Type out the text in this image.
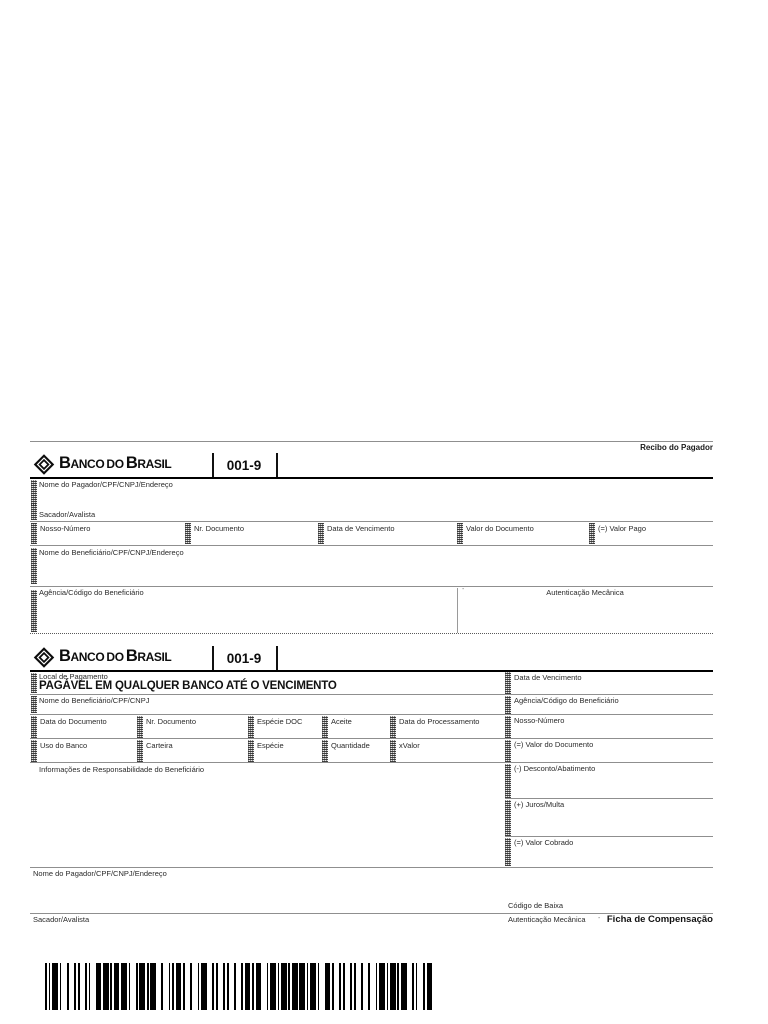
Recibo do Pagador
Banco do Brasil	001-9
Nome do Pagador/CPF/CNPJ/Endereço
Sacador/Avalista
Nosso-Número	Nr. Documento	Data de Vencimento	Valor do Documento	(=) Valor Pago
Nome do Beneficiário/CPF/CNPJ/Endereço
Agência/Código do Beneficiário	-	Autenticação Mecânica
Banco do Brasil	001-9
Local de Pagamento
PAGÁVEL EM QUALQUER BANCO ATÉ O VENCIMENTO
Nome do Beneficiário/CPF/CNPJ
Data do Documento	Nr. Documento	Espécie DOC	Aceite	Data do Processamento
Uso do Banco	Carteira	Espécie	Quantidade	xValor
Informações de Responsabilidade do Beneficiário
Data de Vencimento
Agência/Código do Beneficiário
Nosso-Número
(=) Valor do Documento
(-) Desconto/Abatimento
(+) Juros/Multa
(=) Valor Cobrado
Nome do Pagador/CPF/CNPJ/Endereço
Código de Baixa
Sacador/Avalista	Autenticação Mecânica - Ficha de Compensação
